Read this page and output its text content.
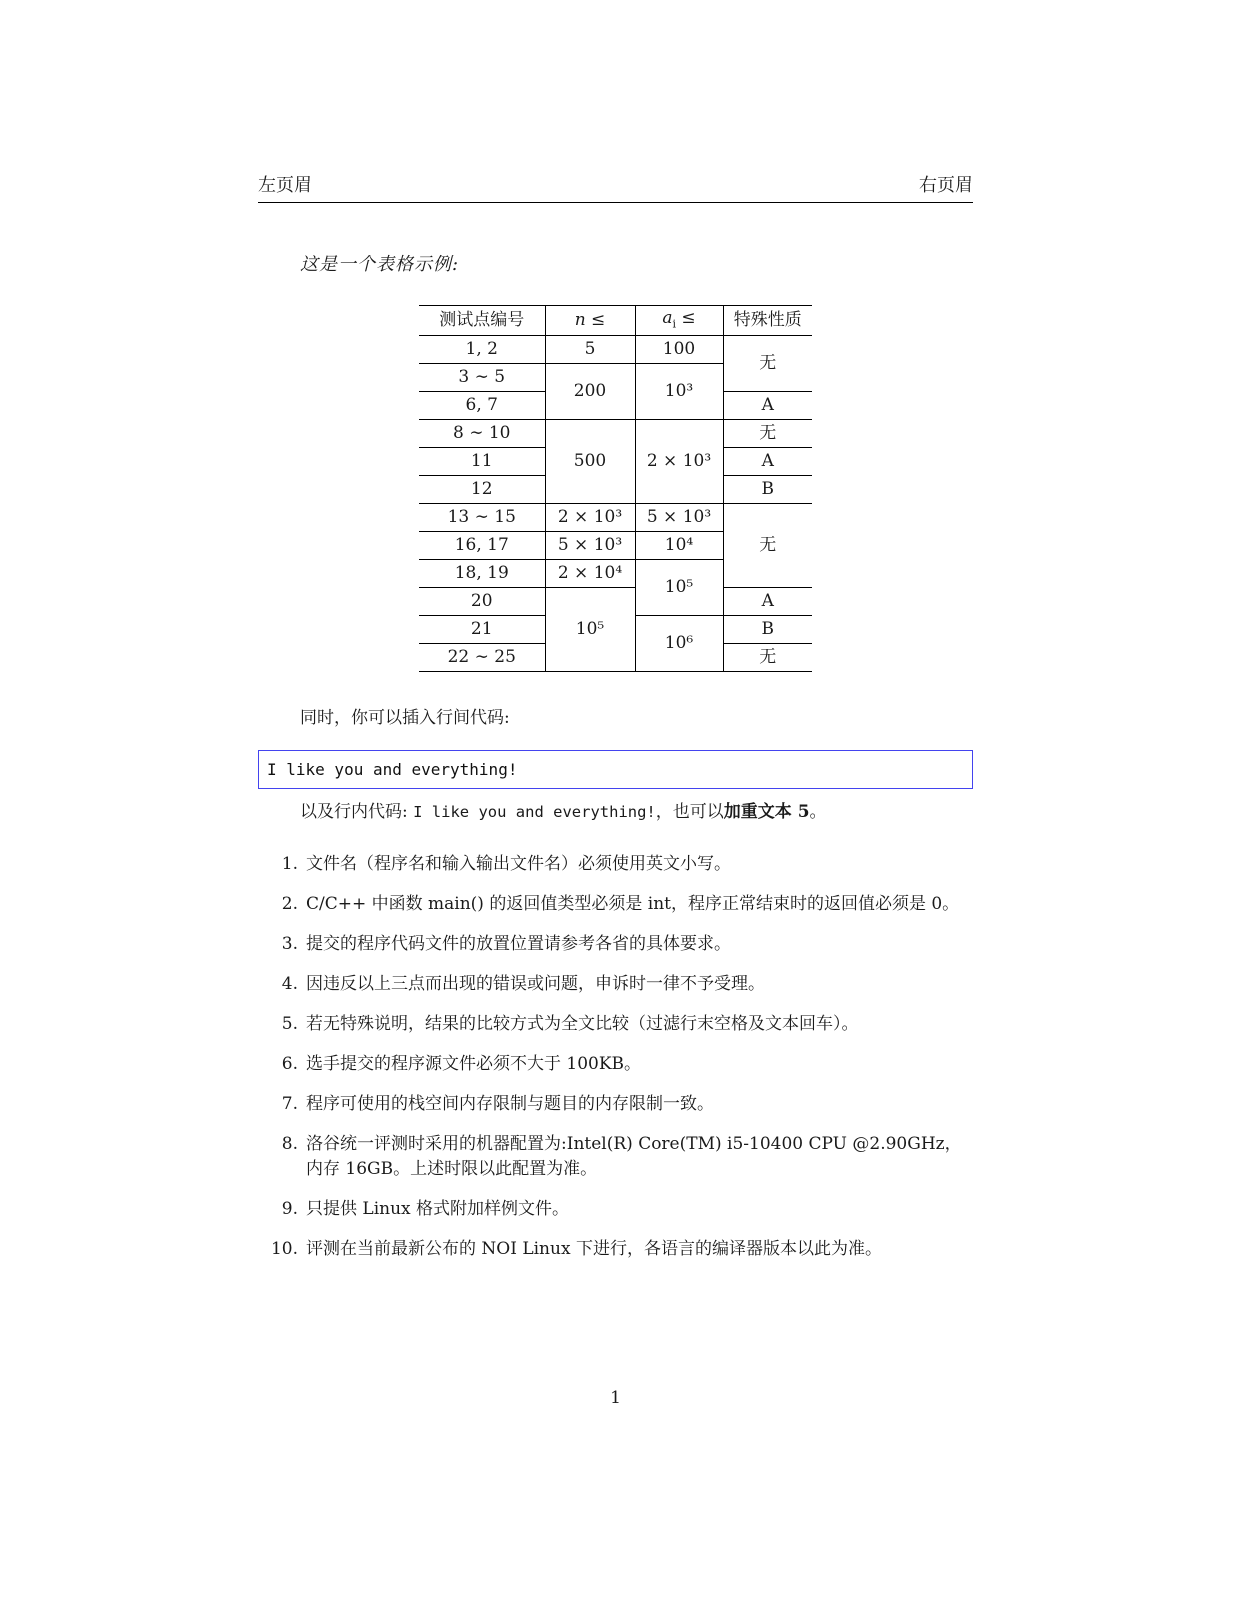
左页眉	右页眉
这是一个表格示例:
测试点编号	n ≤	$a_i$ ≤	特殊性质
1, 2	5	100	无
3 ∼ 5	200	10³	
6, 7			A
8 ∼ 10	500	2 × 10³	无
11			A
12			B
13 ∼ 15	2 × 10³	5 × 10³	无
16, 17	5 × 10³	10⁴	
18, 19	2 × 10⁴	10⁵	
20	10⁵		A
21		10⁶	B
22 ∼ 25			无
同时，你可以插入行间代码:
I like you and everything!
以及行内代码: I like you and everything!，也可以加重文本 5。
1. 文件名（程序名和输入输出文件名）必须使用英文小写。
2. C/C++ 中函数 main() 的返回值类型必须是 int，程序正常结束时的返回值必须是 0。
3. 提交的程序代码文件的放置位置请参考各省的具体要求。
4. 因违反以上三点而出现的错误或问题，申诉时一律不予受理。
5. 若无特殊说明，结果的比较方式为全文比较（过滤行末空格及文本回车）。
6. 选手提交的程序源文件必须不大于 100KB。
7. 程序可使用的栈空间内存限制与题目的内存限制一致。
8. 洛谷统一评测时采用的机器配置为:Intel(R) Core(TM) i5-10400 CPU @2.90GHz，内存 16GB。上述时限以此配置为准。
9. 只提供 Linux 格式附加样例文件。
10. 评测在当前最新公布的 NOI Linux 下进行，各语言的编译器版本以此为准。
1
